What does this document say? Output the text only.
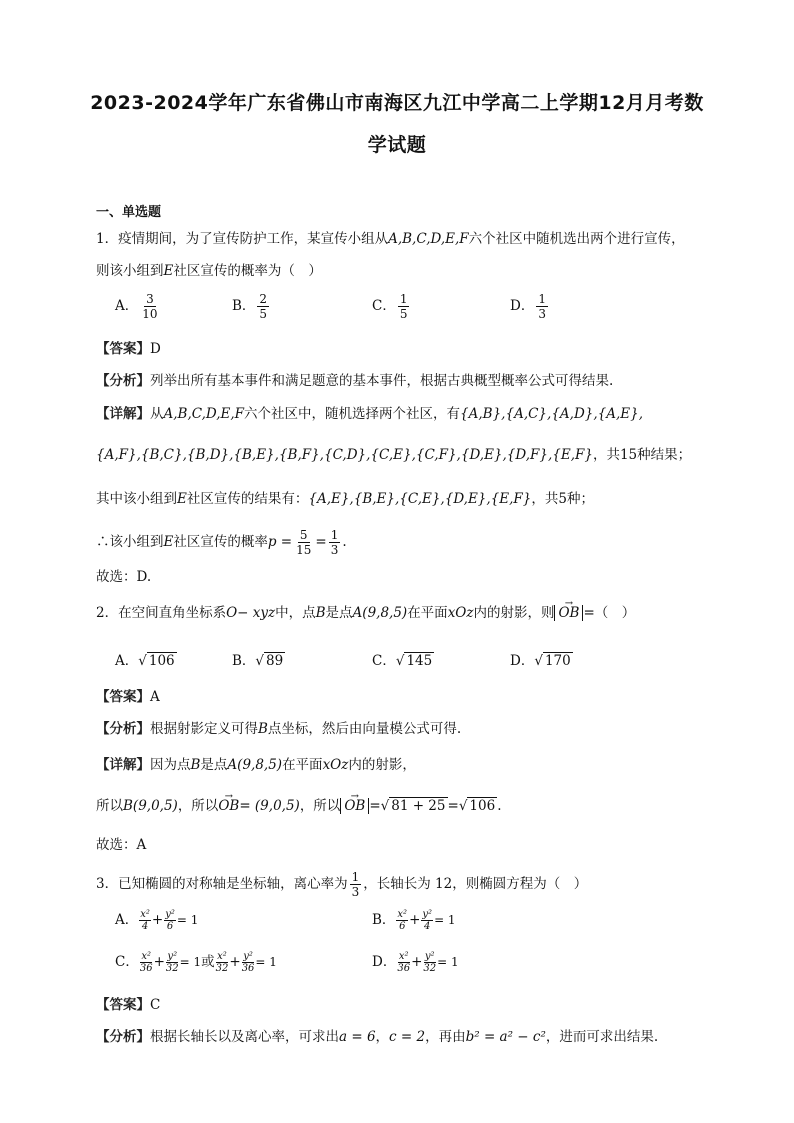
2023-2024学年广东省佛山市南海区九江中学高二上学期12月月考数
学试题
一、单选题
1．疫情期间，为了宣传防护工作，某宣传小组从A,B,C,D,E,F六个社区中随机选出两个进行宣传，
则该小组到E社区宣传的概率为（　）
A． $\frac{3}{10}$	B． $\frac{2}{5}$	C． $\frac{1}{5}$	D． $\frac{1}{3}$
【答案】D
【分析】列举出所有基本事件和满足题意的基本事件，根据古典概型概率公式可得结果.
【详解】从A,B,C,D,E,F六个社区中，随机选择两个社区，有{A,B},{A,C},{A,D},{A,E},
{A,F},{B,C},{B,D},{B,E},{B,F},{C,D},{C,E},{C,F},{D,E},{D,F},{E,F}，共15种结果；
其中该小组到E社区宣传的结果有：{A,E},{B,E},{C,E},{D,E},{E,F}，共5种；
∴该小组到E社区宣传的概率$p = \frac{5}{15} = \frac{1}{3}$ .
故选：D.
2．在空间直角坐标系O− xyz中，点B是点A(9,8,5)在平面xOz内的射影，则 → OB =（　）
A．√ 106	B．√ 89	C．√ 145	D．√ 170
【答案】A
【分析】根据射影定义可得B点坐标，然后由向量模公式可得.
【详解】因为点B是点A(9,8,5)在平面xOz内的射影，
所以B(9,0,5)，所以→ OB= (9,0,5)，所以 → OB =√ 81 + 25 =√ 106 .
故选：A
3．已知椭圆的对称轴是坐标轴，离心率为 $\frac{1}{3}$ ，长轴长为 12，则椭圆方程为（　）
A． $\frac{\text{x²}}{4} + \frac{\text{y²}}{6} = 1$	B． $\frac{\text{x²}}{6} + \frac{\text{y²}}{4} = 1$
C． $\frac{\text{x²}}{36} + \frac{\text{y²}}{32} = 1$或 $\frac{\text{x²}}{32} + \frac{\text{y²}}{36} = 1$	D． $\frac{\text{x²}}{36} + \frac{\text{y²}}{32} = 1$
【答案】C
【分析】根据长轴长以及离心率，可求出a = 6，c = 2，再由b² = a² − c²，进而可求出结果.
